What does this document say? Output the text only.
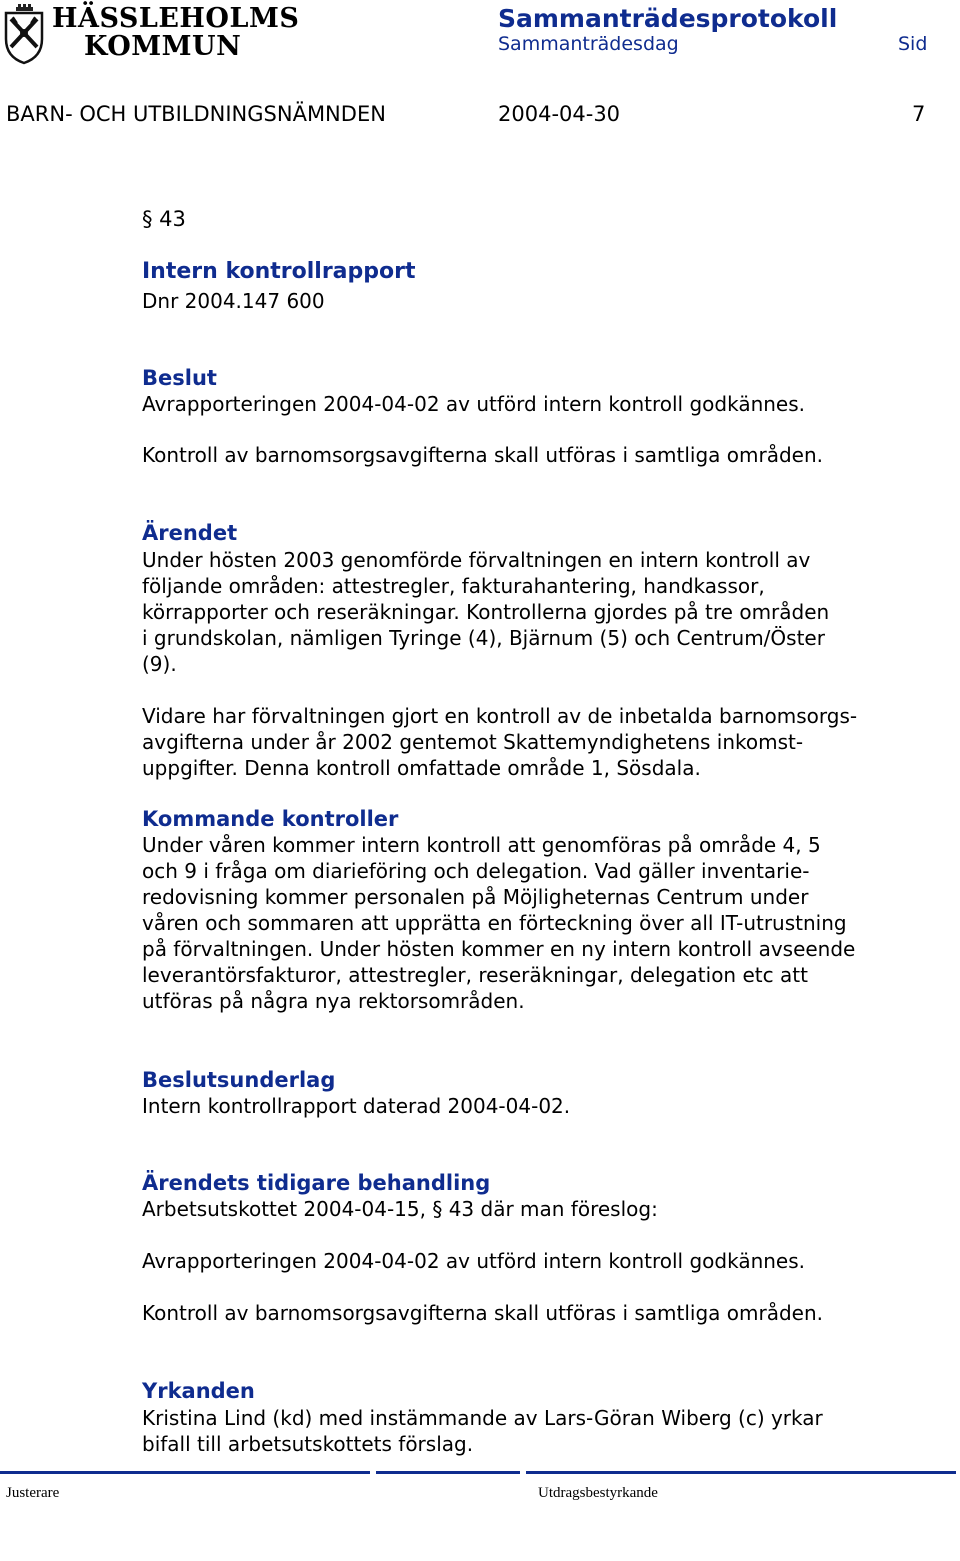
HÄSSLEHOLMS
KOMMUN
Sammanträdesprotokoll
Sammanträdesdag	Sid
BARN- OCH UTBILDNINGSNÄMNDEN	2004-04-30	7
§ 43
Intern kontrollrapport
Dnr 2004.147 600
Beslut
Avrapporteringen 2004-04-02 av utförd intern kontroll godkännes.
Kontroll av barnomsorgsavgifterna skall utföras i samtliga områden.
Ärendet
Under hösten 2003 genomförde förvaltningen en intern kontroll av
följande områden: attestregler, fakturahantering, handkassor,
körrapporter och reseräkningar. Kontrollerna gjordes på tre områden
i grundskolan, nämligen Tyringe (4), Bjärnum (5) och Centrum/Öster
(9).
Vidare har förvaltningen gjort en kontroll av de inbetalda barnomsorgs-
avgifterna under år 2002 gentemot Skattemyndighetens inkomst-
uppgifter. Denna kontroll omfattade område 1, Sösdala.
Kommande kontroller
Under våren kommer intern kontroll att genomföras på område 4, 5
och 9 i fråga om diarieföring och delegation. Vad gäller inventarie-
redovisning kommer personalen på Möjligheternas Centrum under
våren och sommaren att upprätta en förteckning över all IT-utrustning
på förvaltningen. Under hösten kommer en ny intern kontroll avseende
leverantörsfakturor, attestregler, reseräkningar, delegation etc att
utföras på några nya rektorsområden.
Beslutsunderlag
Intern kontrollrapport daterad 2004-04-02.
Ärendets tidigare behandling
Arbetsutskottet 2004-04-15, § 43 där man föreslog:
Avrapporteringen 2004-04-02 av utförd intern kontroll godkännes.
Kontroll av barnomsorgsavgifterna skall utföras i samtliga områden.
Yrkanden
Kristina Lind (kd) med instämmande av Lars-Göran Wiberg (c) yrkar
bifall till arbetsutskottets förslag.
Justerare	Utdragsbestyrkande
